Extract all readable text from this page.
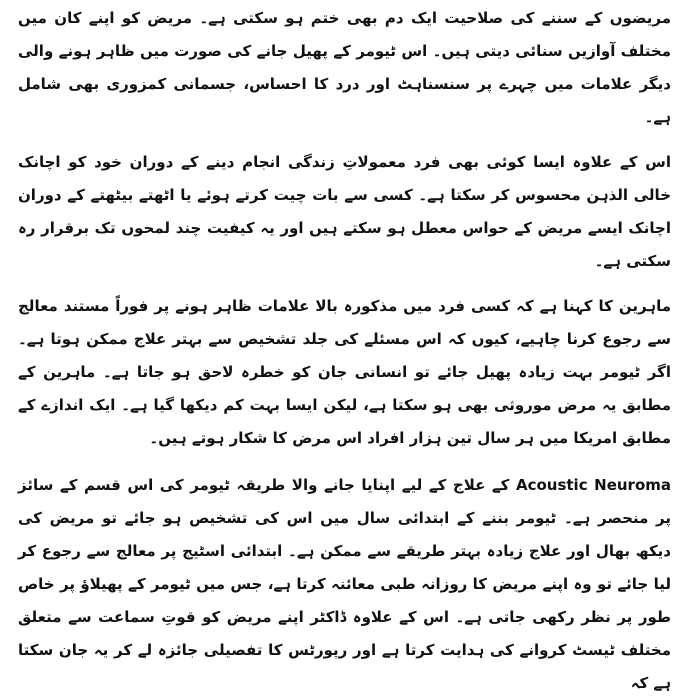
مریضوں کے سننے کی صلاحیت ایک دم بھی ختم ہو سکتی ہے۔ مریض کو اپنے کان میں مختلف آوازیں سنائی دیتی ہیں۔ اس ٹیومر کے پھیل جانے کی صورت میں ظاہر ہونے والی دیگر علامات میں چہرے پر سنسناہٹ اور درد کا احساس، جسمانی کمزوری بھی شامل ہے۔

اس کے علاوہ ایسا کوئی بھی فرد معمولاتِ زندگی انجام دینے کے دوران خود کو اچانک خالی الذہن محسوس کر سکتا ہے۔ کسی سے بات چیت کرتے ہوئے یا اٹھتے بیٹھتے کے دوران اچانک ایسے مریض کے حواس معطل ہو سکتے ہیں اور یہ کیفیت چند لمحوں تک برقرار رہ سکتی ہے۔

ماہرین کا کہنا ہے کہ کسی فرد میں مذکورہ بالا علامات ظاہر ہونے پر فوراً مستند معالج سے رجوع کرنا چاہیے، کیوں کہ اس مسئلے کی جلد تشخیص سے بہتر علاج ممکن ہوتا ہے۔ اگر ٹیومر بہت زیادہ پھیل جائے تو انسانی جان کو خطرہ لاحق ہو جاتا ہے۔ ماہرین کے مطابق یہ مرض موروثی بھی ہو سکتا ہے، لیکن ایسا بہت کم دیکھا گیا ہے۔ ایک اندازے کے مطابق امریکا میں ہر سال تین ہزار افراد اس مرض کا شکار ہوتے ہیں۔

Acoustic Neuroma کے علاج کے لیے اپنایا جانے والا طریقہ ٹیومر کی اس قسم کے سائز پر منحصر ہے۔ ٹیومر بننے کے ابتدائی سال میں اس کی تشخیص ہو جائے تو مریض کی دیکھ بھال اور علاج زیادہ بہتر طریقے سے ممکن ہے۔ ابتدائی اسٹیج پر معالج سے رجوع کر لیا جائے تو وہ اپنے مریض کا روزانہ طبی معائنہ کرتا ہے، جس میں ٹیومر کے پھیلاؤ پر خاص طور پر نظر رکھی جاتی ہے۔ اس کے علاوہ ڈاکٹر اپنے مریض کو قوتِ سماعت سے متعلق مختلف ٹیسٹ کروانے کی ہدایت کرتا ہے اور رپورٹس کا تفصیلی جائزہ لے کر یہ جان سکتا ہے کہ
